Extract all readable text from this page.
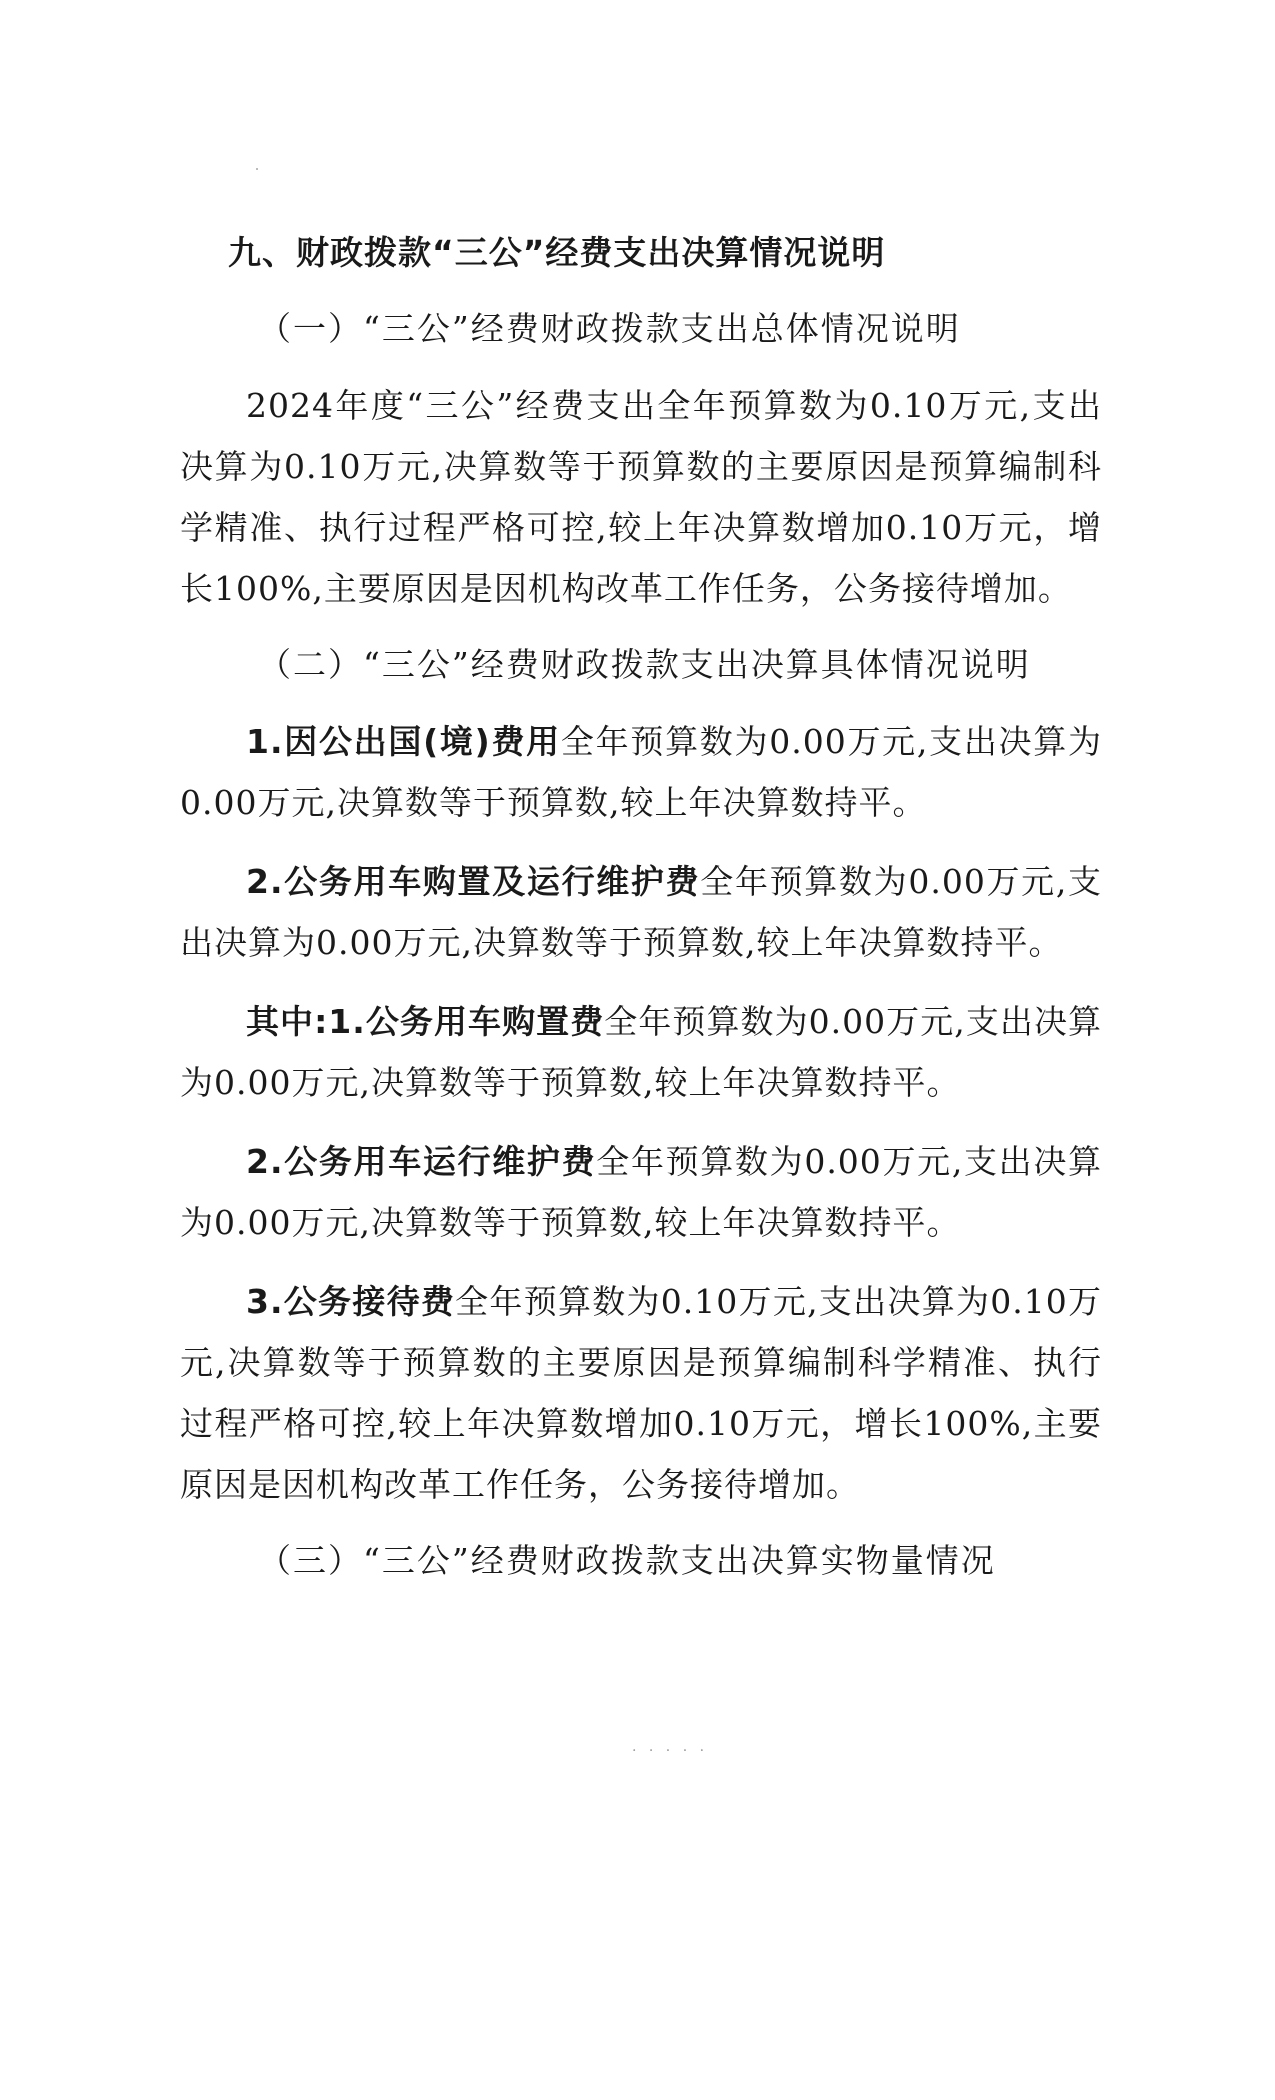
九、财政拨款“三公”经费支出决算情况说明
（一）“三公”经费财政拨款支出总体情况说明

2024年度“三公”经费支出全年预算数为0.10万元,支出决算为0.10万元,决算数等于预算数的主要原因是预算编制科学精准、执行过程严格可控,较上年决算数增加0.10万元，增长100%,主要原因是因机构改革工作任务，公务接待增加。

（二）“三公”经费财政拨款支出决算具体情况说明

1.因公出国(境)费用全年预算数为0.00万元,支出决算为0.00万元,决算数等于预算数,较上年决算数持平。

2.公务用车购置及运行维护费全年预算数为0.00万元,支出决算为0.00万元,决算数等于预算数,较上年决算数持平。

其中:1.公务用车购置费全年预算数为0.00万元,支出决算为0.00万元,决算数等于预算数,较上年决算数持平。

2.公务用车运行维护费全年预算数为0.00万元,支出决算为0.00万元,决算数等于预算数,较上年决算数持平。

3.公务接待费全年预算数为0.10万元,支出决算为0.10万元,决算数等于预算数的主要原因是预算编制科学精准、执行过程严格可控,较上年决算数增加0.10万元，增长100%,主要原因是因机构改革工作任务，公务接待增加。

（三）“三公”经费财政拨款支出决算实物量情况
· · · · ·
